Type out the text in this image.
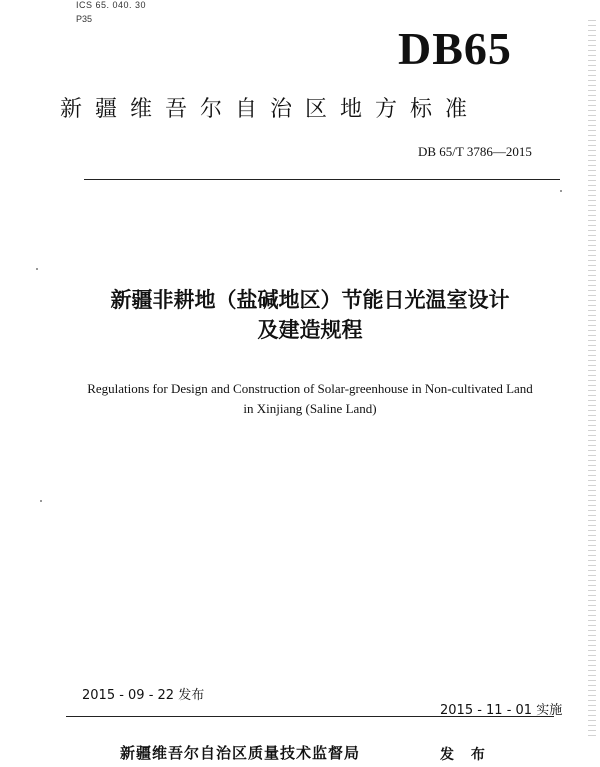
ICS 65. 040. 30
P35
DB65
新疆维吾尔自治区地方标准
DB 65/T 3786—2015
新疆非耕地（盐碱地区）节能日光温室设计
及建造规程
Regulations for Design and Construction of Solar-greenhouse in Non-cultivated Land
in Xinjiang (Saline Land)
2015 - 09 - 22 发布
2015 - 11 - 01 实施
新疆维吾尔自治区质量技术监督局	发 布
